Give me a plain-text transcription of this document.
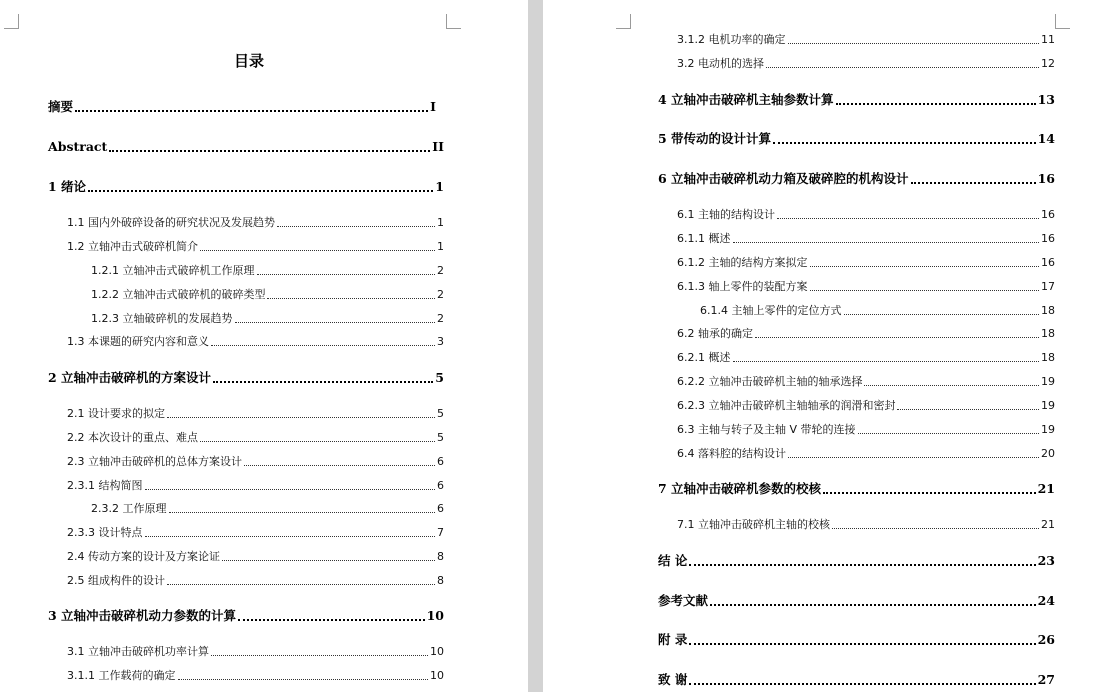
目录
摘要	I
Abstract	II
1 绪论	1
1.1 国内外破碎设备的研究状况及发展趋势	1
1.2 立轴冲击式破碎机简介	1
1.2.1 立轴冲击式破碎机工作原理	2
1.2.2 立轴冲击式破碎机的破碎类型	2
1.2.3 立轴破碎机的发展趋势	2
1.3 本课题的研究内容和意义	3
2 立轴冲击破碎机的方案设计	5
2.1 设计要求的拟定	5
2.2 本次设计的重点、难点	5
2.3 立轴冲击破碎机的总体方案设计	6
2.3.1 结构简图	6
2.3.2 工作原理	6
2.3.3 设计特点	7
2.4 传动方案的设计及方案论证	8
2.5 组成构件的设计	8
3 立轴冲击破碎机动力参数的计算	10
3.1 立轴冲击破碎机功率计算	10
3.1.1 工作载荷的确定	10
3.1.2 电机功率的确定	11
3.2 电动机的选择	12
4 立轴冲击破碎机主轴参数计算	13
5 带传动的设计计算	14
6 立轴冲击破碎机动力箱及破碎腔的机构设计	16
6.1 主轴的结构设计	16
6.1.1 概述	16
6.1.2 主轴的结构方案拟定	16
6.1.3 轴上零件的装配方案	17
6.1.4 主轴上零件的定位方式	18
6.2 轴承的确定	18
6.2.1 概述	18
6.2.2 立轴冲击破碎机主轴的轴承选择	19
6.2.3 立轴冲击破碎机主轴轴承的润滑和密封	19
6.3 主轴与转子及主轴 V 带轮的连接	19
6.4 落料腔的结构设计	20
7 立轴冲击破碎机参数的校核	21
7.1 立轴冲击破碎机主轴的校核	21
结 论	23
参考文献	24
附 录	26
致 谢	27
